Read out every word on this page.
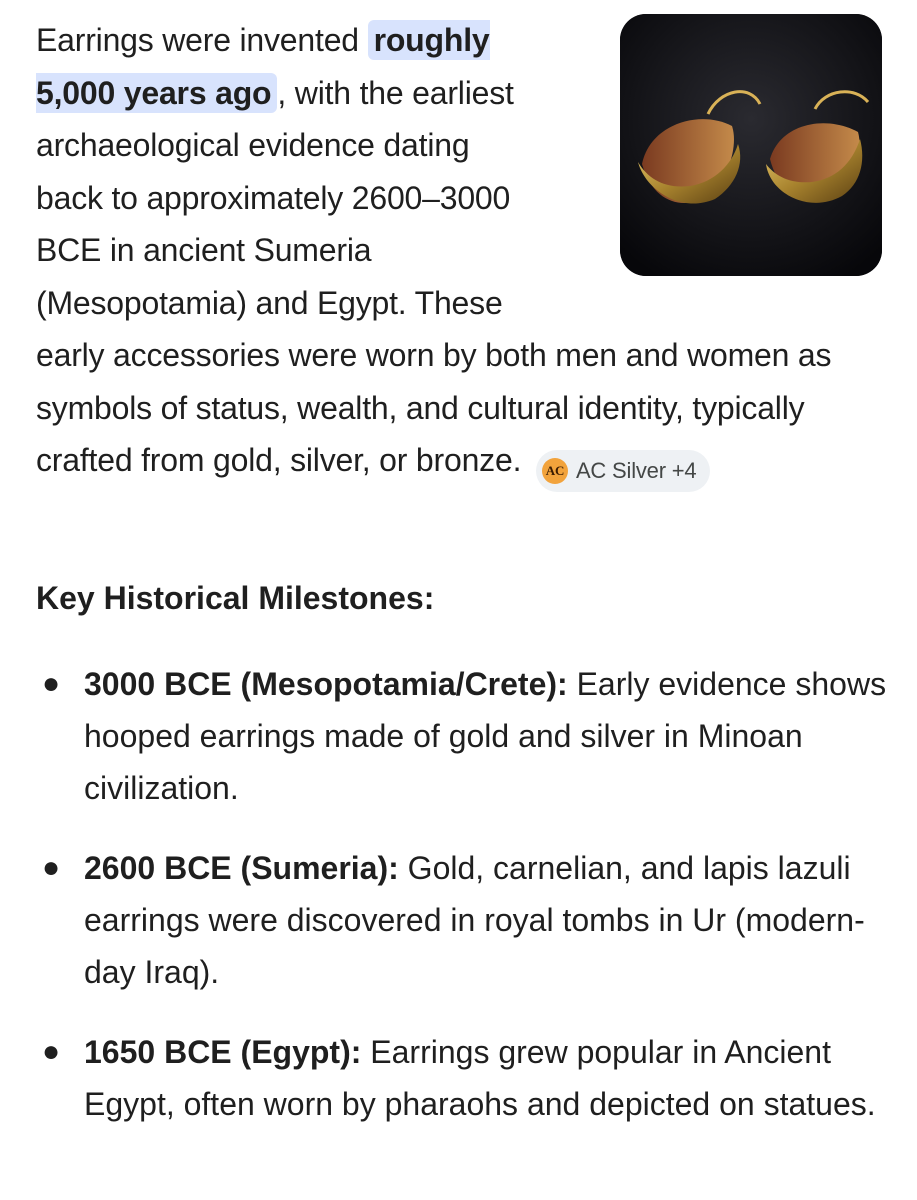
Earrings were invented roughly 5,000 years ago , with the earliest archaeological evidence dating back to approximately 2600–3000 BCE in ancient Sumeria (Mesopotamia) and Egypt. These early accessories were worn by both men and women as symbols of status, wealth, and cultural identity, typically crafted from gold, silver, or bronze. AC AC Silver +4
Key Historical Milestones:
● 3000 BCE (Mesopotamia/Crete): Early evidence shows hooped earrings made of gold and silver in Minoan civilization.
● 2600 BCE (Sumeria): Gold, carnelian, and lapis lazuli earrings were discovered in royal tombs in Ur (modern-day Iraq).
● 1650 BCE (Egypt): Earrings grew popular in Ancient Egypt, often worn by pharaohs and depicted on statues.
